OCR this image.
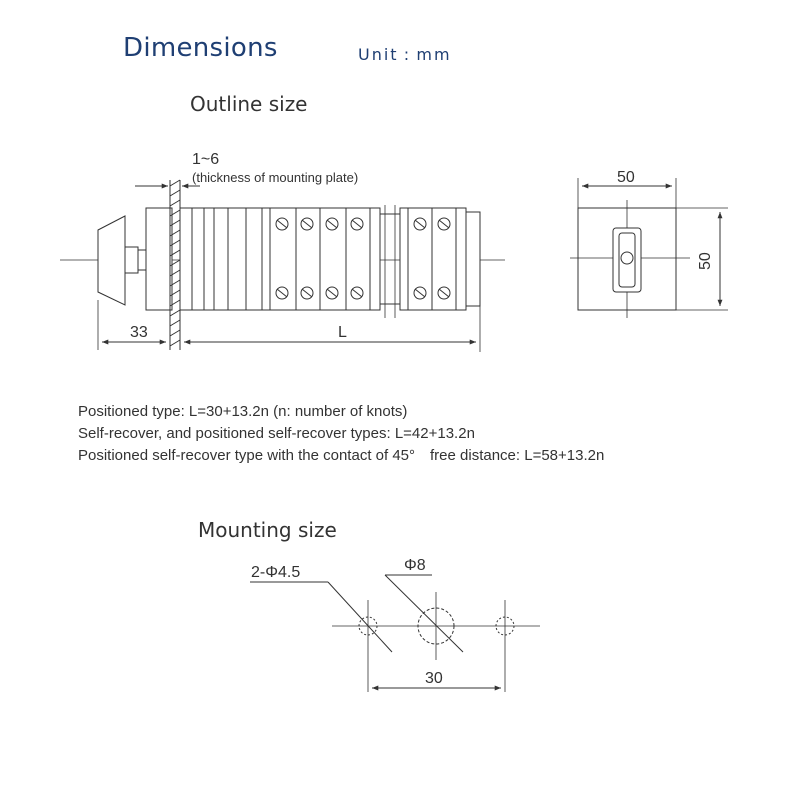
Dimensions	Unit : mm
Outline size
Mounting size
Positioned type: L=30+13.2n (n: number of knots)
Self-recover, and positioned self-recover types: L=42+13.2n
Positioned self-recover type with the contact of 45° free distance: L=58+13.2n
1~6
(thickness of mounting plate)
33	L
50
50
2-Φ4.5	Φ8
30
